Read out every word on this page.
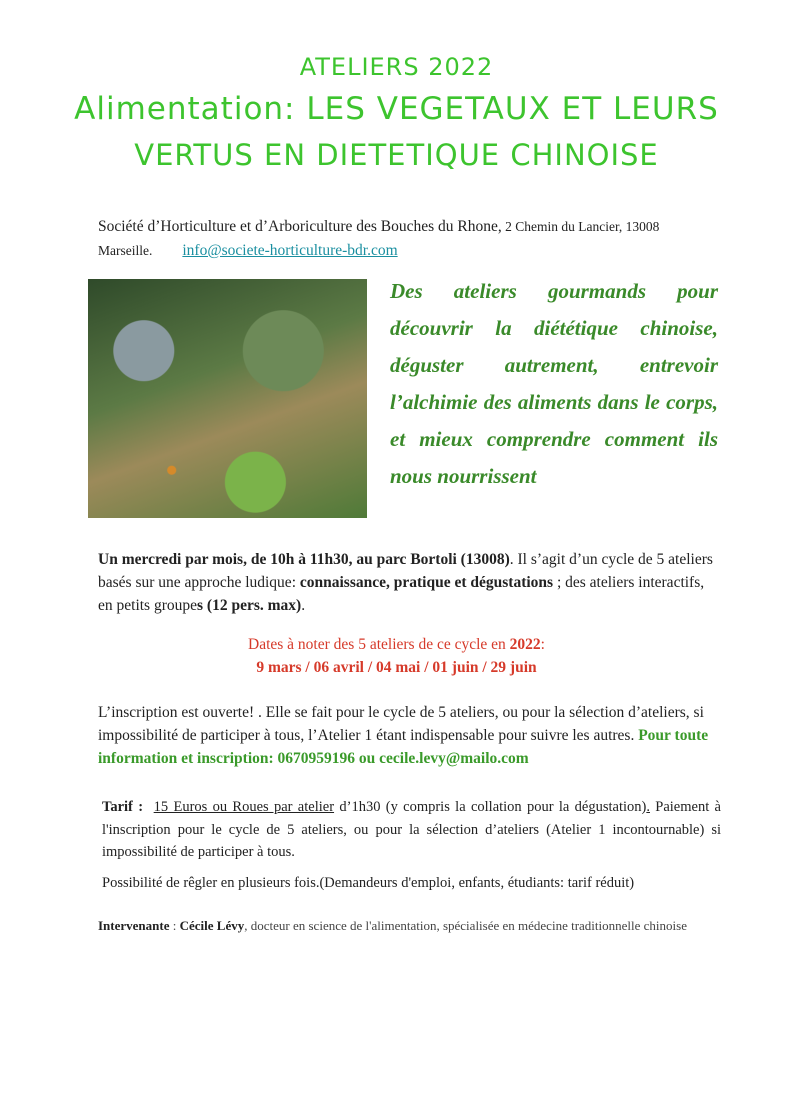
ATELIERS 2022
Alimentation: LES VEGETAUX ET LEURS
VERTUS EN DIETETIQUE CHINOISE
Société d’Horticulture et d’Arboriculture des Bouches du Rhone, 2 Chemin du Lancier, 13008 Marseille. info@societe-horticulture-bdr.com
Des ateliers gourmands pour découvrir la diététique chinoise, déguster autrement, entrevoir l’alchimie des aliments dans le corps, et mieux comprendre comment ils nous nourrissent
Un mercredi par mois, de 10h à 11h30, au parc Bortoli (13008). Il s’agit d’un cycle de 5 ateliers basés sur une approche ludique: connaissance, pratique et dégustations ; des ateliers interactifs, en petits groupes (12 pers. max).
Dates à noter des 5 ateliers de ce cycle en 2022:
9 mars / 06 avril / 04 mai / 01 juin / 29 juin
L’inscription est ouverte! . Elle se fait pour le cycle de 5 ateliers, ou pour la sélection d’ateliers, si impossibilité de participer à tous, l’Atelier 1 étant indispensable pour suivre les autres. Pour toute information et inscription: 0670959196 ou cecile.levy@mailo.com
Tarif : 15 Euros ou Roues par atelier d’1h30 (y compris la collation pour la dégustation). Paiement à l'inscription pour le cycle de 5 ateliers, ou pour la sélection d’ateliers (Atelier 1 incontournable) si impossibilité de participer à tous.
Possibilité de rêgler en plusieurs fois.(Demandeurs d'emploi, enfants, étudiants: tarif réduit)
Intervenante : Cécile Lévy, docteur en science de l'alimentation, spécialisée en médecine traditionnelle chinoise
